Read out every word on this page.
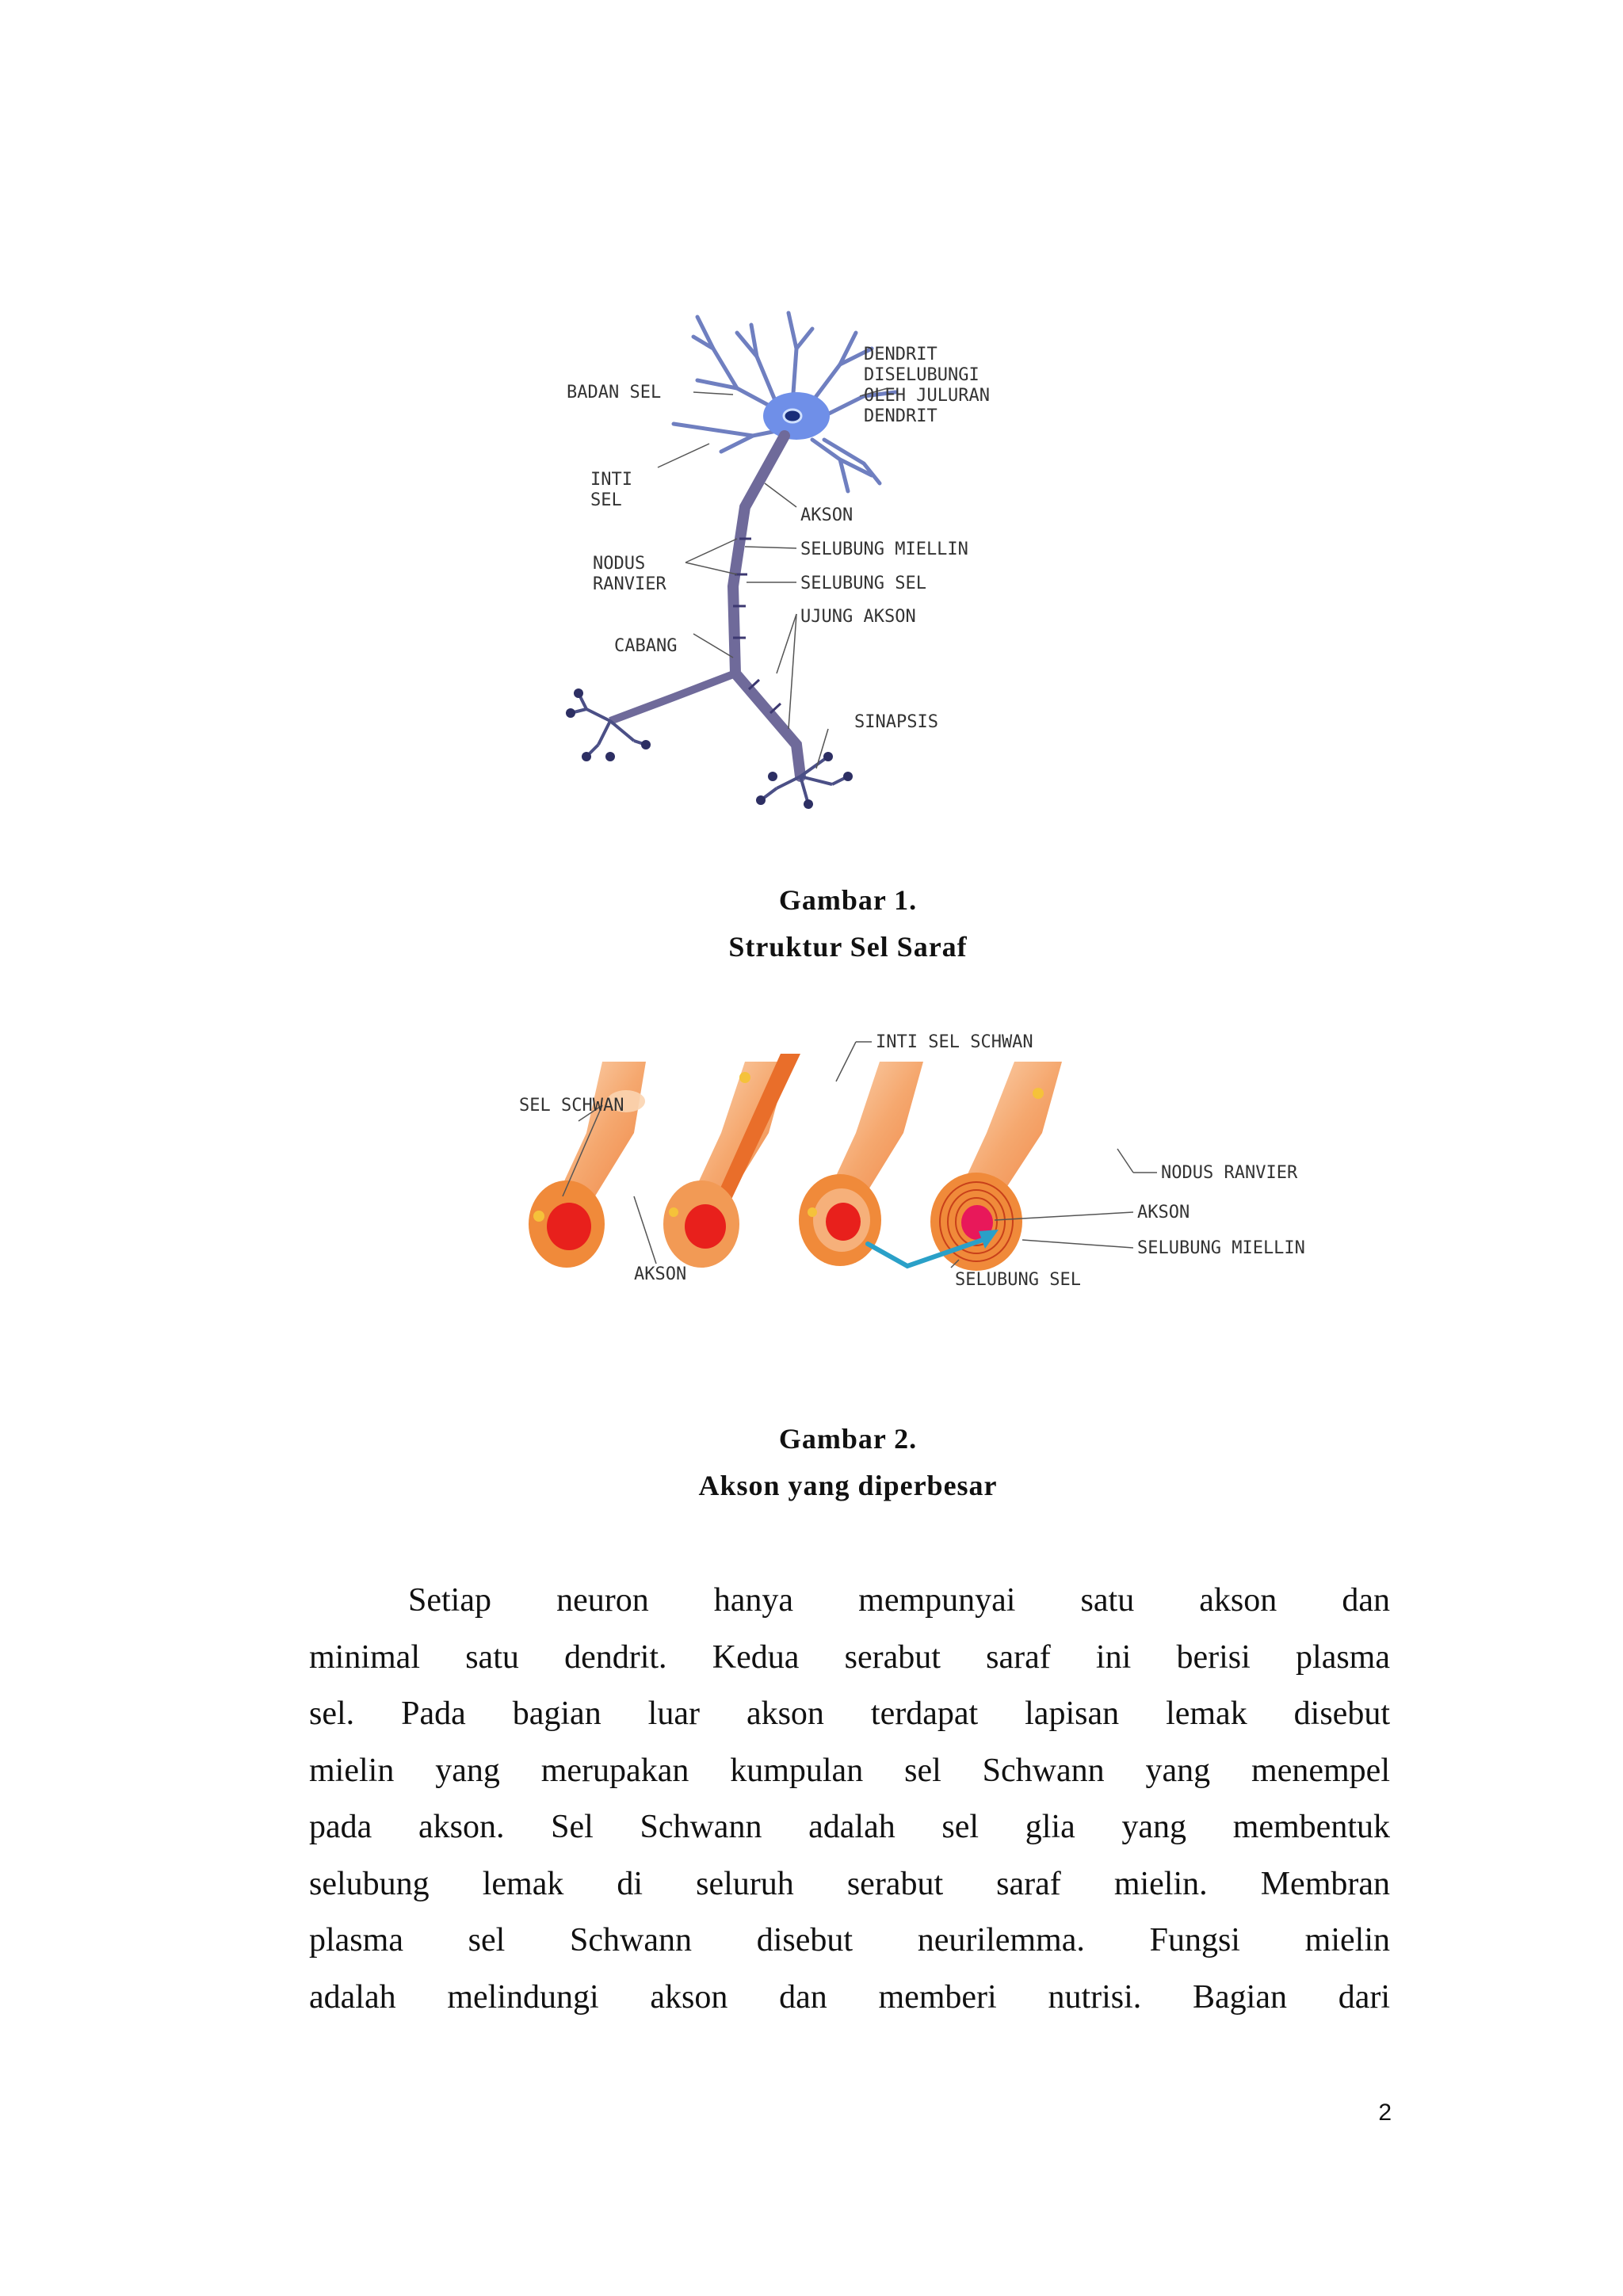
BADAN SEL
DENDRIT
DISELUBUNGI
OLEH JULURAN
DENDRIT
INTI
SEL
AKSON
SELUBUNG MIELLIN
NODUS
RANVIER	SELUBUNG SEL
UJUNG AKSON
CABANG
SINAPSIS
Gambar 1.
Struktur Sel Saraf
INTI SEL SCHWAN
SEL SCHWAN
NODUS RANVIER
AKSON
SELUBUNG MIELLIN
AKSON	SELUBUNG SEL
Gambar 2.
Akson yang diperbesar
Setiap neuron hanya mempunyai satu akson dan
minimal satu dendrit. Kedua serabut saraf ini berisi plasma
sel. Pada bagian luar akson terdapat lapisan lemak disebut
mielin yang merupakan kumpulan sel Schwann yang menempel
pada akson. Sel Schwann adalah sel glia yang membentuk
selubung lemak di seluruh serabut saraf mielin. Membran
plasma sel Schwann disebut neurilemma. Fungsi mielin
adalah melindungi akson dan memberi nutrisi. Bagian dari
2
